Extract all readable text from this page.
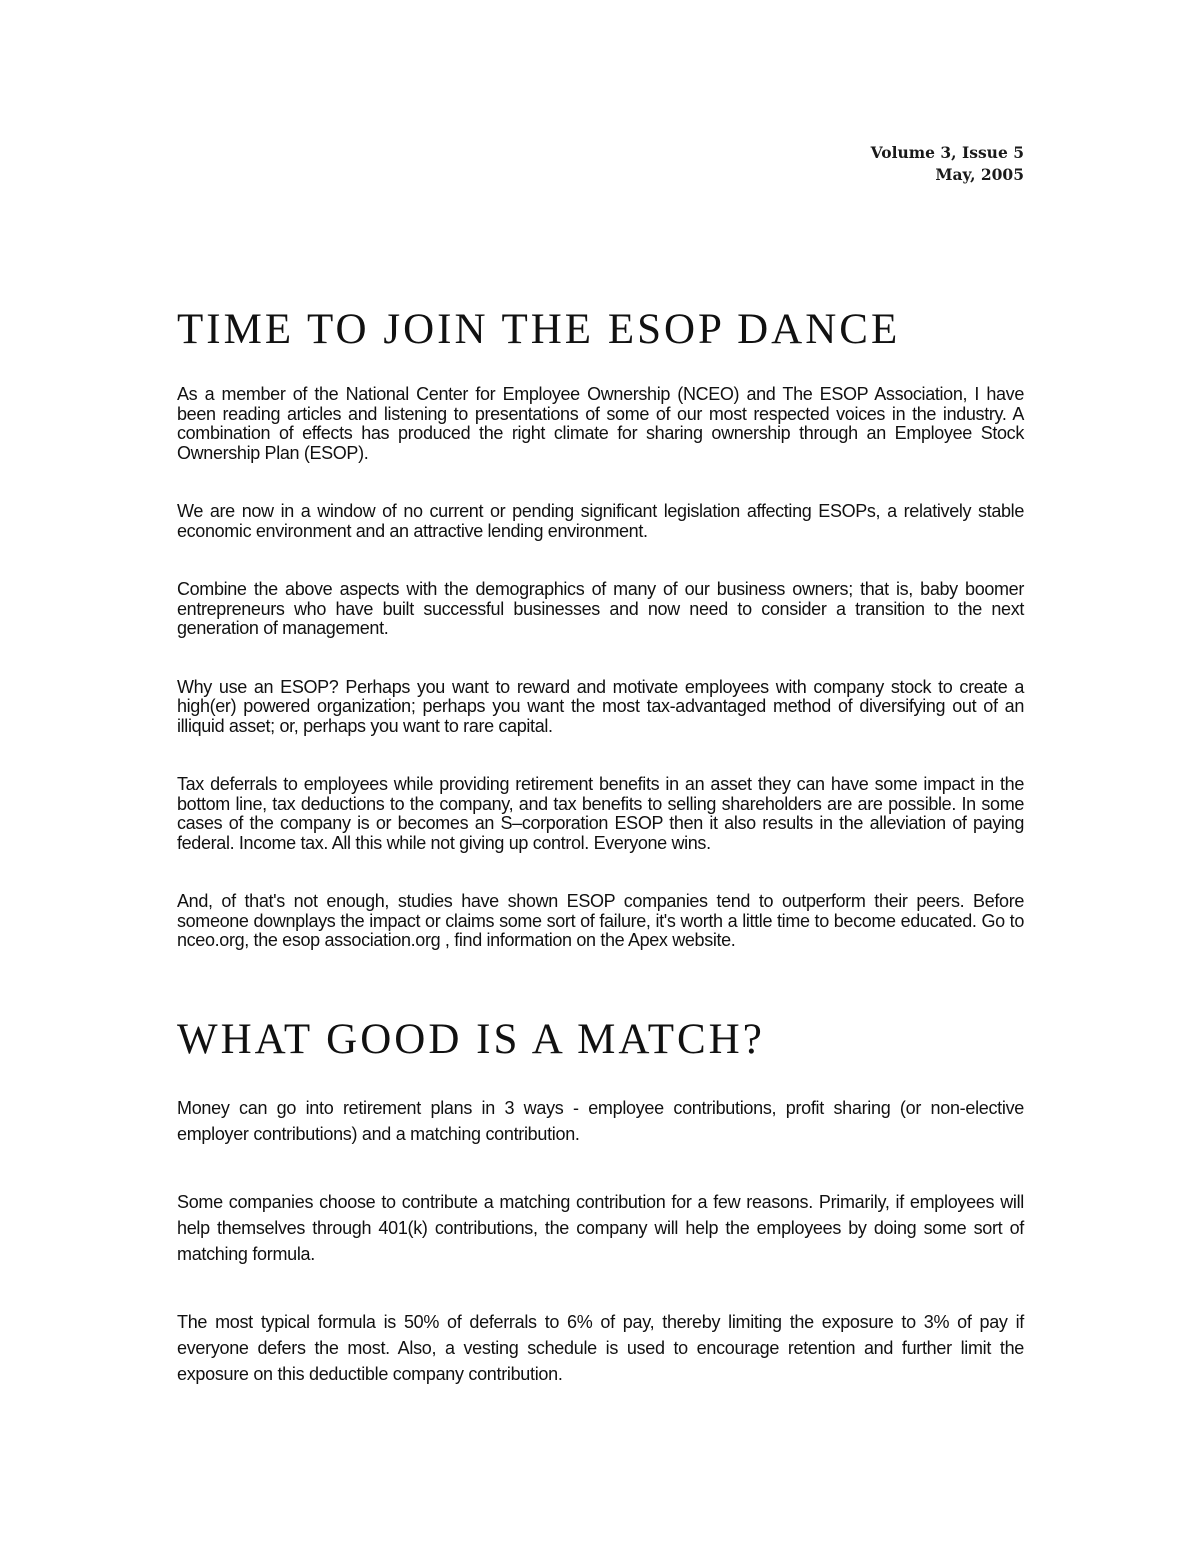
Volume 3, Issue 5
May, 2005
TIME TO JOIN THE ESOP DANCE

As a member of the National Center for Employee Ownership (NCEO) and The ESOP Association, I have been reading articles and listening to presentations of some of our most respected voices in the industry. A combination of effects has produced the right climate for sharing ownership through an Employee Stock Ownership Plan (ESOP).

We are now in a window of no current or pending significant legislation affecting ESOPs, a relatively stable economic environment and an attractive lending environment.

Combine the above aspects with the demographics of many of our business owners; that is, baby boomer entrepreneurs who have built successful businesses and now need to consider a transition to the next generation of management.

Why use an ESOP? Perhaps you want to reward and motivate employees with company stock to create a high(er) powered organization; perhaps you want the most tax-advantaged method of diversifying out of an illiquid asset; or, perhaps you want to rare capital.

Tax deferrals to employees while providing retirement benefits in an asset they can have some impact in the bottom line, tax deductions to the company, and tax benefits to selling shareholders are are possible. In some cases of the company is or becomes an S–corporation ESOP then it also results in the alleviation of paying federal. Income tax. All this while not giving up control. Everyone wins.

And, of that's not enough, studies have shown ESOP companies tend to outperform their peers. Before someone downplays the impact or claims some sort of failure, it's worth a little time to become educated. Go to nceo.org, the esop association.org , find information on the Apex website.

WHAT GOOD IS A MATCH?

Money can go into retirement plans in 3 ways - employee contributions, profit sharing (or non-elective employer contributions) and a matching contribution.

Some companies choose to contribute a matching contribution for a few reasons. Primarily, if employees will help themselves through 401(k) contributions, the company will help the employees by doing some sort of matching formula.

The most typical formula is 50% of deferrals to 6% of pay, thereby limiting the exposure to 3% of pay if everyone defers the most. Also, a vesting schedule is used to encourage retention and further limit the exposure on this deductible company contribution.
